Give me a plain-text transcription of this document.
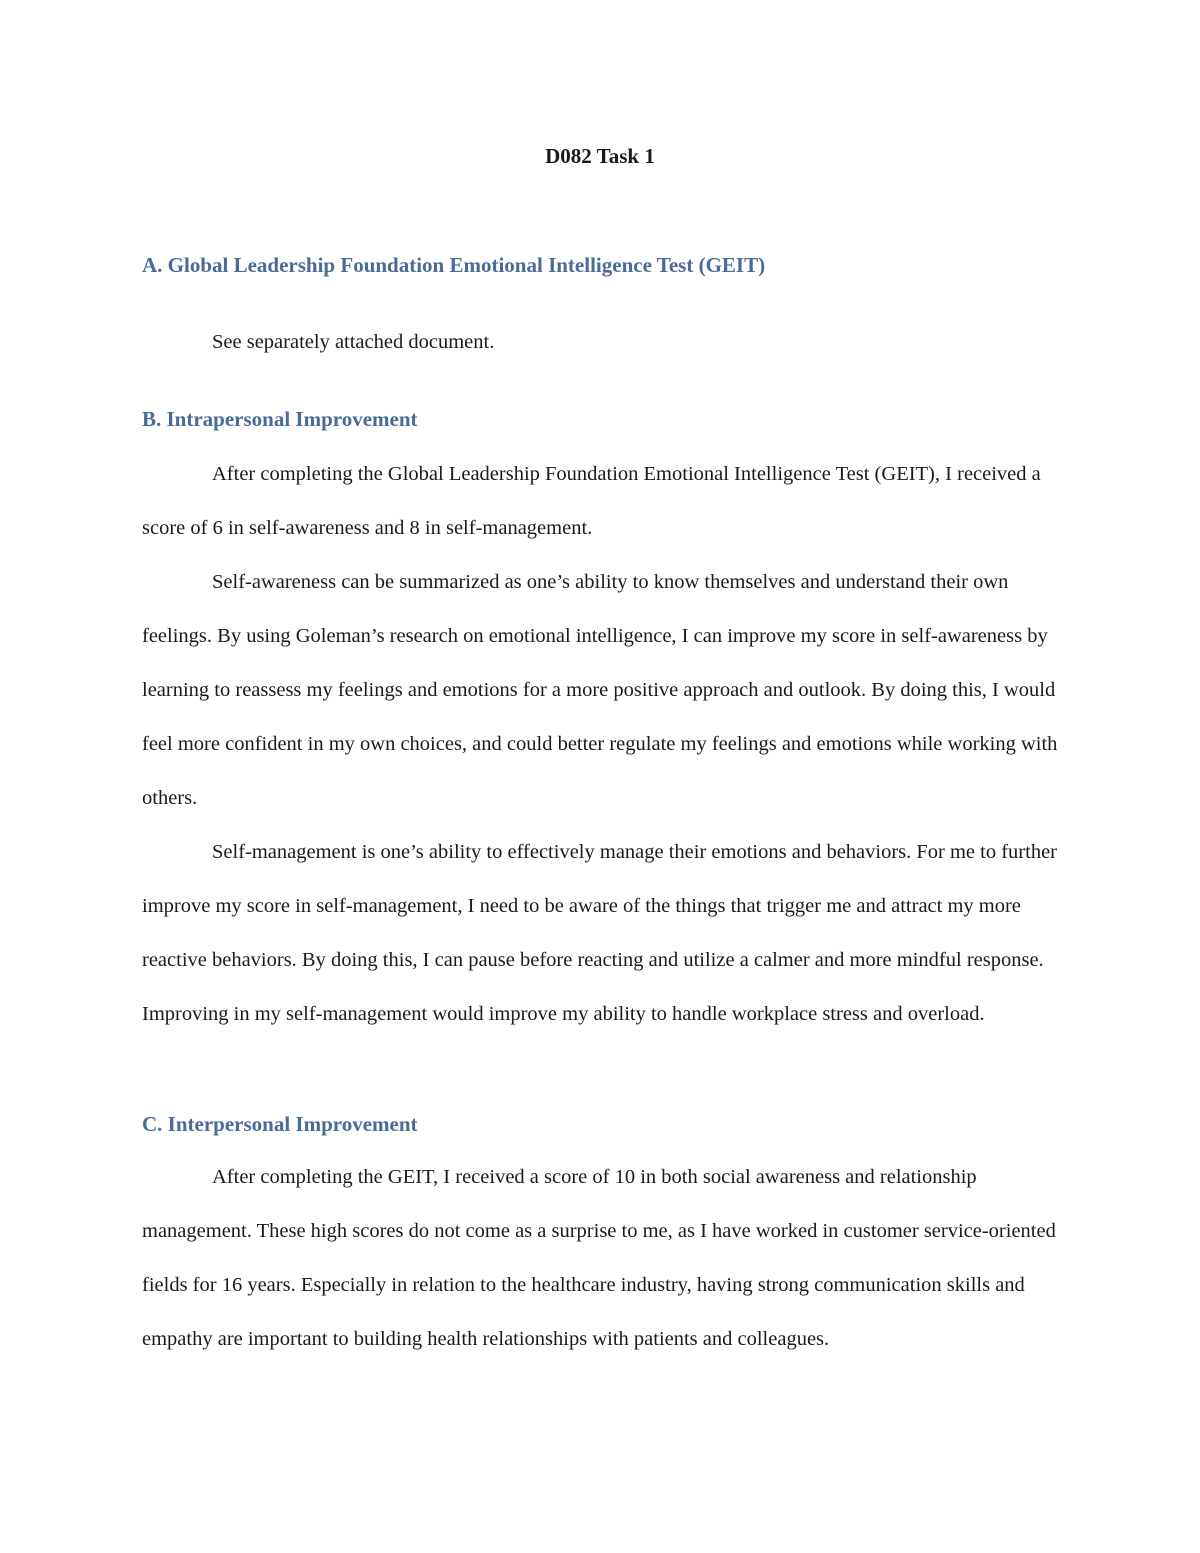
D082 Task 1
A. Global Leadership Foundation Emotional Intelligence Test (GEIT)

See separately attached document.

B. Intrapersonal Improvement

After completing the Global Leadership Foundation Emotional Intelligence Test (GEIT), I received a score of 6 in self-awareness and 8 in self-management.

Self-awareness can be summarized as one’s ability to know themselves and understand their own feelings. By using Goleman’s research on emotional intelligence, I can improve my score in self-awareness by learning to reassess my feelings and emotions for a more positive approach and outlook. By doing this, I would feel more confident in my own choices, and could better regulate my feelings and emotions while working with others.

Self-management is one’s ability to effectively manage their emotions and behaviors. For me to further improve my score in self-management, I need to be aware of the things that trigger me and attract my more reactive behaviors. By doing this, I can pause before reacting and utilize a calmer and more mindful response. Improving in my self-management would improve my ability to handle workplace stress and overload.

C. Interpersonal Improvement

After completing the GEIT, I received a score of 10 in both social awareness and relationship management. These high scores do not come as a surprise to me, as I have worked in customer service-oriented fields for 16 years. Especially in relation to the healthcare industry, having strong communication skills and empathy are important to building health relationships with patients and colleagues.
